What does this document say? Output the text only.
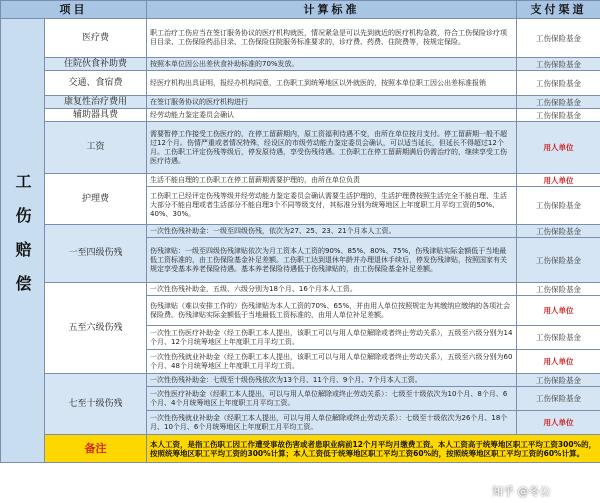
项目		计算标准	支付渠道
工伤赔偿	医疗费	职工治疗工伤应当在签订服务协议的医疗机构就医，情况紧急是可以先到就近的医疗机构急救，符合工伤保险诊疗项目目录、工伤保险药品目录、工伤保险住院服务标准要求的，诊疗费、药费、住院费等，按规定保险。	工伤保险基金
	住院伙食补助费	按照本单位因公出差伙食补助标准的70%发放。	工伤保险基金
	交通、食宿费	经医疗机构出具证明，报经办机构同意，工伤职工到统筹地区以外就医的，按照本单位职工因公出差标准报销	工伤保险基金
	康复性治疗费用	在签订服务协议的医疗机构进行	工伤保险基金
	辅助器具费	经劳动能力鉴定委员会确认	工伤保险基金
	工资	需要暂停工作接受工伤医疗的，在停工留薪期内，原工资福利待遇不变，由所在单位按月支付。停工留薪期一般不超过12个月。伤情严重或者情况特殊，经设区的市级劳动能力鉴定委员会确认，可以适当延长，但延长不得超过12个月。工伤职工评定伤残等级后，停发原待遇，享受伤残待遇。工伤职工在停工留薪期满后仍需治疗的，继续享受工伤医疗待遇。	用人单位
	护理费	生活不能自理的工伤职工在停工留薪期需要护理的，由所在单位负责	用人单位
		工伤职工已经评定伤残等级并经劳动能力鉴定委员会确认需要生活护理的，生活护理费按照生活完全不能自理、生活大部分不能自理或者生活部分不能自理3个不同等级支付，其标准分别为统筹地区上年度职工月平均工资的50%、40%、30%。	工伤保险基金
	一至四级伤残	一次性伤残补助金：一级至四级伤残，依次为27、25、23、21个月本人工资。	工伤保险基金
		伤残津贴：一级至四级伤残津贴依次为月工资本人工资的90%、85%、80%、75%，伤残津贴实际金额低于当地最低工资标准的，由工伤保险基金补足差额。工伤职工达到退休年龄并办理退休手续后，停发伤残津贴，按照国家有关规定享受基本养老保险待遇。基本养老保险待遇低于伤残津贴的，由工伤保险基金补足差额。	工伤保险基金
	五至六级伤残	一次性伤残补助金，五级、六级分别为18个月、16个月本人工资。	工伤保险基金
		伤残津贴（难以安排工作的）伤残津贴为本人工资的70%、65%，并由用人单位按照规定为其缴纳应缴纳的各项社会保险费。伤残津贴实际金额低于当地最低工资标准的，由用人单位补足差额。	用人单位
		一次性工伤医疗补助金（经工伤职工本人提出，该职工可以与用人单位解除或者终止劳动关系），五级至六级分别为14个月、12个月统筹地区上年度职工月平均工资。	工伤保险基金
		一次性伤残就业补助金（经工伤职工本人提出，该职工可以与用人单位解除或者终止劳动关系），五级至六级分别为60个月、48个月统筹地区上年度职工月平均工资。	用人单位
	七至十级伤残	一次性伤残补助金：七级至十级伤残依次为13个月、11个月、9个月、7个月本人工资。	工伤保险基金
		一次性医疗补助金（经职工本人提出，可以与用人单位解除或终止劳动关系）：七级至十级依次为10个月、8个月、6个月、4个月统筹地区上年度职工月平均工资。	工伤保险基金
		一次性伤残就业补助金（经职工本人提出，可以与用人单位解除或终止劳动关系）：七级至十级依次为26个月、18个月、10个月、6个月统筹地区上年度职工月平均工资。	用人单位
	备注	本人工资，是指工伤职工因工作遭受事故伤害或者患职业病前12个月平均月缴费工资。本人工资高于统筹地区职工平均工资300%的，按照统筹地区职工平均工资的300%计算；本人工资低于统筹地区职工平均工资60%的，按照统筹地区职工平均工资的60%计算。	
知乎 @冬公
